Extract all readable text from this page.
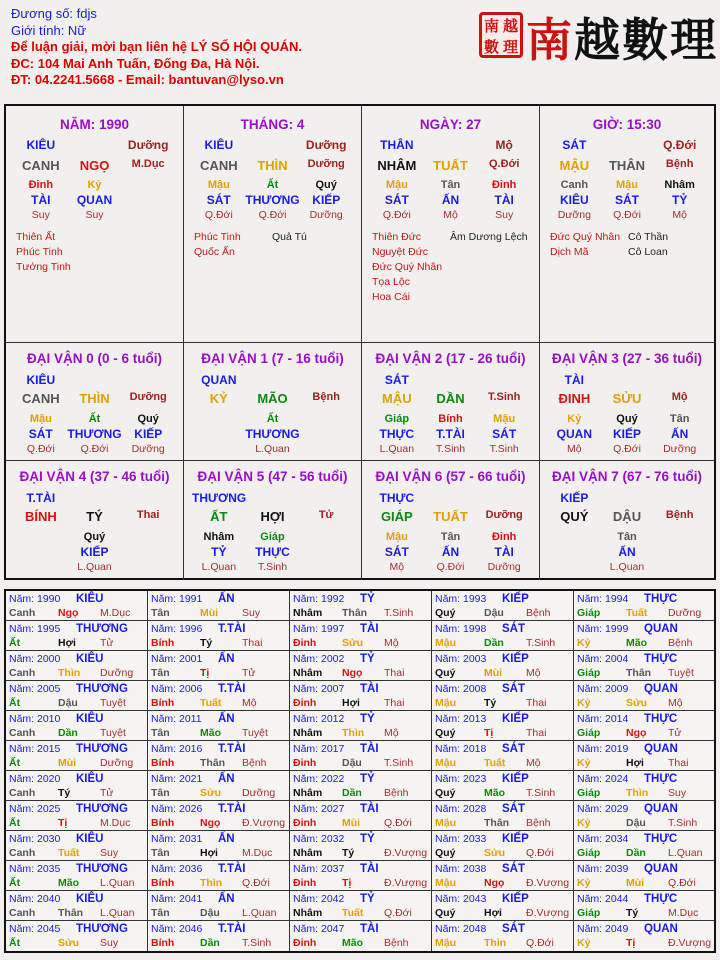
Đương số: fdjs
Giới tính: Nữ
Để luận giải, mời bạn liên hệ LÝ SỐ HỘI QUÁN.
ĐC: 104 Mai Anh Tuấn, Đống Đa, Hà Nội.
ĐT: 04.2241.5668 - Email: bantuvan@lyso.vn
南 越
數 理 南越數理
NĂM: 1990
KIÊU	Dưỡng
CANH	NGỌ	M.Dục
Đinh	Kỷ
TÀI	QUAN
Suy	Suy
Thiên Ất
Phúc Tinh
Tướng Tinh
THÁNG: 4
KIÊU	Dưỡng
CANH	THÌN	Dưỡng
Mậu	Ất	Quý
SÁT	THƯƠNG	KIẾP
Q.Đới	Q.Đới	Dưỡng
Phúc Tinh
Quốc Ấn
Quả Tú
NGÀY: 27
THÂN	Mộ
NHÂM	TUẤT	Q.Đới
Mậu	Tân	Đinh
SÁT	ẤN	TÀI
Q.Đới	Mộ	Suy
Thiên Đức
Nguyệt Đức
Đức Quý Nhân
Tọa Lộc
Hoa Cái
Âm Dương Lệch
GIỜ: 15:30
SÁT	Q.Đới
MẬU	THÂN	Bệnh
Canh	Mậu	Nhâm
KIÊU	SÁT	TỶ
Dưỡng	Q.Đới	Mộ
Đức Quý Nhân
Dịch Mã
Cô Thần
Cô Loan
ĐẠI VẬN 0 (0 - 6 tuổi)
KIÊU
CANH	THÌN	Dưỡng
Mậu	Ất	Quý
SÁT	THƯƠNG	KIẾP
Q.Đới	Q.Đới	Dưỡng
ĐẠI VẬN 1 (7 - 16 tuổi)
QUAN
KỶ	MÃO	Bệnh
Ất
THƯƠNG
L.Quan
ĐẠI VẬN 2 (17 - 26 tuổi)
SÁT
MẬU	DẦN	T.Sinh
Giáp	Bính	Mậu
THỰC	T.TÀI	SÁT
L.Quan	T.Sinh	T.Sinh
ĐẠI VẬN 3 (27 - 36 tuổi)
TÀI
ĐINH	SỬU	Mộ
Kỷ	Quý	Tân
QUAN	KIẾP	ẤN
Mộ	Q.Đới	Dưỡng
ĐẠI VẬN 4 (37 - 46 tuổi)
T.TÀI
BÍNH	TÝ	Thai
Quý
KIẾP
L.Quan
ĐẠI VẬN 5 (47 - 56 tuổi)
THƯƠNG
ẤT	HỢI	Tử
Nhâm	Giáp
TỶ	THỰC
L.Quan	T.Sinh
ĐẠI VẬN 6 (57 - 66 tuổi)
THỰC
GIÁP	TUẤT	Dưỡng
Mậu	Tân	Đinh
SÁT	ẤN	TÀI
Mộ	Q.Đới	Dưỡng
ĐẠI VẬN 7 (67 - 76 tuổi)
KIẾP
QUÝ	DẬU	Bệnh
Tân
ẤN
L.Quan
Năm: 1990 KIÊU
Canh Ngọ M.Dục
Năm: 1991 ẤN
Tân	Mùi Suy
Năm: 1992 TỶ
Nhâm Thân T.Sinh
Năm: 1993 KIẾP
Quý	Dậu Bệnh
Năm: 1994 THỰC
Giáp Tuất Dưỡng
Năm: 1995 THƯƠNG
Ất	Hợi Tử
Năm: 1996 T.TÀI
Bính Tý	Thai
Năm: 1997 TÀI
Đinh Sửu Mộ
Năm: 1998 SÁT
Mậu	Dần T.Sinh
Năm: 1999 QUAN
Kỷ	Mão Bệnh
Năm: 2000 KIÊU
Canh Thìn Dưỡng
Năm: 2001 ẤN
Tân	Tị	Tử
Năm: 2002 TỶ
Nhâm Ngọ Thai
Năm: 2003 KIẾP
Quý	Mùi Mộ
Năm: 2004 THỰC
Giáp Thân Tuyệt
Năm: 2005 THƯƠNG
Ất	Dậu Tuyệt
Năm: 2006 T.TÀI
Bính Tuất Mộ
Năm: 2007 TÀI
Đinh Hợi Thai
Năm: 2008 SÁT
Mậu	Tý	Thai
Năm: 2009 QUAN
Kỷ	Sửu Mộ
Năm: 2010 KIÊU
Canh Dần Tuyệt
Năm: 2011 ẤN
Tân	Mão Tuyệt
Năm: 2012 TỶ
Nhâm Thìn Mộ
Năm: 2013 KIẾP
Quý	Tị	Thai
Năm: 2014 THỰC
Giáp Ngọ Tử
Năm: 2015 THƯƠNG
Ất	Mùi Dưỡng
Năm: 2016 T.TÀI
Bính Thân Bệnh
Năm: 2017 TÀI
Đinh Dậu T.Sinh
Năm: 2018 SÁT
Mậu	Tuất Mộ
Năm: 2019 QUAN
Kỷ	Hợi Thai
Năm: 2020 KIÊU
Canh Tý	Tử
Năm: 2021 ẤN
Tân	Sửu Dưỡng
Năm: 2022 TỶ
Nhâm Dần Bệnh
Năm: 2023 KIẾP
Quý	Mão T.Sinh
Năm: 2024 THỰC
Giáp Thìn Suy
Năm: 2025 THƯƠNG
Ất	Tị	M.Dục
Năm: 2026 T.TÀI
Bính Ngọ Đ.Vượng
Năm: 2027 TÀI
Đinh Mùi Q.Đới
Năm: 2028 SÁT
Mậu	Thân Bệnh
Năm: 2029 QUAN
Kỷ	Dậu T.Sinh
Năm: 2030 KIÊU
Canh Tuất Suy
Năm: 2031 ẤN
Tân	Hợi M.Dục
Năm: 2032 TỶ
Nhâm Tý	Đ.Vượng
Năm: 2033 KIẾP
Quý	Sửu Q.Đới
Năm: 2034 THỰC
Giáp Dần L.Quan
Năm: 2035 THƯƠNG
Ất	Mão L.Quan
Năm: 2036 T.TÀI
Bính Thìn Q.Đới
Năm: 2037 TÀI
Đinh Tị	Đ.Vượng
Năm: 2038 SÁT
Mậu	Ngọ Đ.Vượng
Năm: 2039 QUAN
Kỷ	Mùi Q.Đới
Năm: 2040 KIÊU
Canh Thân L.Quan
Năm: 2041 ẤN
Tân	Dậu L.Quan
Năm: 2042 TỶ
Nhâm Tuất Q.Đới
Năm: 2043 KIẾP
Quý	Hợi Đ.Vượng
Năm: 2044 THỰC
Giáp Tý	M.Dục
Năm: 2045 THƯƠNG
Ất	Sửu Suy
Năm: 2046 T.TÀI
Bính Dần T.Sinh
Năm: 2047 TÀI
Đinh Mão Bệnh
Năm: 2048 SÁT
Mậu	Thìn Q.Đới
Năm: 2049 QUAN
Kỷ	Tị	Đ.Vượng
